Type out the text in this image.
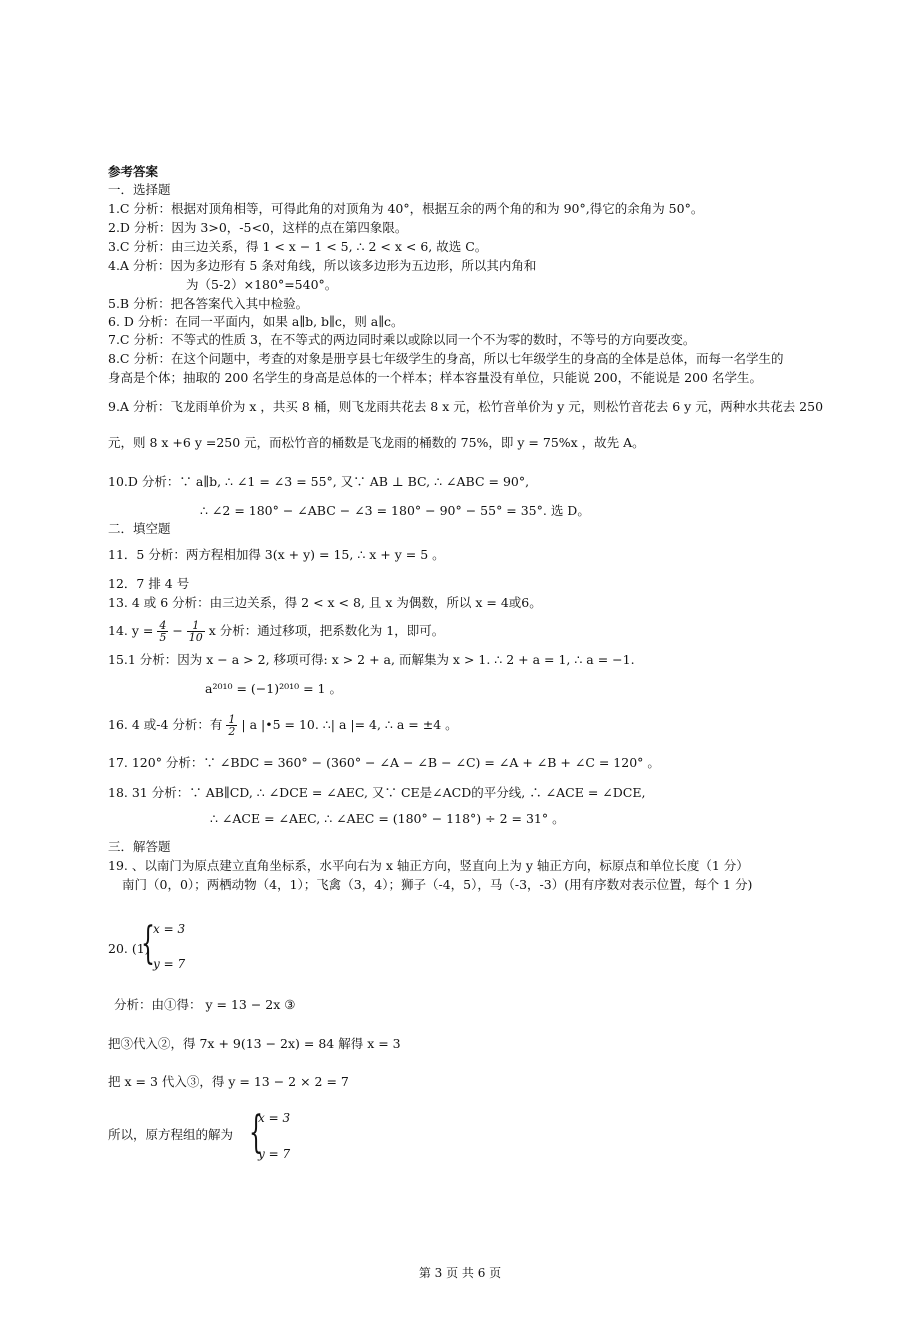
参考答案
一．选择题
1.C 分析：根据对顶角相等，可得此角的对顶角为 40°，根据互余的两个角的和为 90°,得它的余角为 50°。
2.D 分析：因为 3>0，-5<0，这样的点在第四象限。
3.C 分析：由三边关系，得 1 < x − 1 < 5, ∴ 2 < x < 6, 故选 C。
4.A 分析：因为多边形有 5 条对角线，所以该多边形为五边形，所以其内角和
为（5-2）×180°=540°。
5.B 分析：把各答案代入其中检验。
6. D 分析：在同一平面内，如果 a∥b, b∥c，则 a∥c。
7.C 分析：不等式的性质 3，在不等式的两边同时乘以或除以同一个不为零的数时，不等号的方向要改变。
8.C 分析：在这个问题中，考查的对象是册亨县七年级学生的身高，所以七年级学生的身高的全体是总体，而每一名学生的
身高是个体；抽取的 200 名学生的身高是总体的一个样本；样本容量没有单位，只能说 200，不能说是 200 名学生。
9.A 分析：飞龙雨单价为 x ，共买 8 桶，则飞龙雨共花去 8 x 元，松竹音单价为 y 元，则松竹音花去 6 y 元，两种水共花去 250
元，则 8 x +6 y =250 元，而松竹音的桶数是飞龙雨的桶数的 75%，即 y = 75%x ，故先 A。
10.D 分析：∵ a∥b, ∴ ∠1 = ∠3 = 55°, 又∵ AB ⊥ BC, ∴ ∠ABC = 90°,
∴ ∠2 = 180° − ∠ABC − ∠3 = 180° − 90° − 55° = 35°. 选 D。
二．填空题
11．5 分析：两方程相加得 3(x + y) = 15, ∴ x + y = 5 。
12．7 排 4 号
13. 4 或 6 分析：由三边关系，得 2 < x < 8, 且 x 为偶数，所以 x = 4或6。
14. $y = \frac{4}{5} - \frac{1}{10}$ x 分析：通过移项，把系数化为 1，即可。
15.1 分析：因为 x − a > 2, 移项可得: x > 2 + a, 而解集为 x > 1. ∴ 2 + a = 1, ∴ a = −1.
a²⁰¹⁰ = (−1)²⁰¹⁰ = 1 。
16. 4 或-4 分析：有 $\frac{1}{2}$ | a |•5 = 10. ∴| a |= 4, ∴ a = ±4 。
17. 120° 分析：∵ ∠BDC = 360° − (360° − ∠A − ∠B − ∠C) = ∠A + ∠B + ∠C = 120° 。
18. 31 分析：∵ AB∥CD, ∴ ∠DCE = ∠AEC, 又∵ CE是∠ACD的平分线, ∴ ∠ACE = ∠DCE,
∴ ∠ACE = ∠AEC, ∴ ∠AEC = (180° − 118°) ÷ 2 = 31° 。
三．解答题
19. 、以南门为原点建立直角坐标系，水平向右为 x 轴正方向，竖直向上为 y 轴正方向，标原点和单位长度（1 分）
南门（0，0）；两栖动物（4，1）；飞禽（3，4）；狮子（-4，5），马（-3，-3）(用有序数对表示位置，每个 1 分)
20. (1)
{
x = 3
y = 7
分析：由①得： y = 13 − 2x ③
把③代入②，得 7x + 9(13 − 2x) = 84 解得 x = 3
把 x = 3 代入③，得 y = 13 − 2 × 2 = 7
所以，原方程组的解为 {
x = 3
y = 7
第 3 页 共 6 页
